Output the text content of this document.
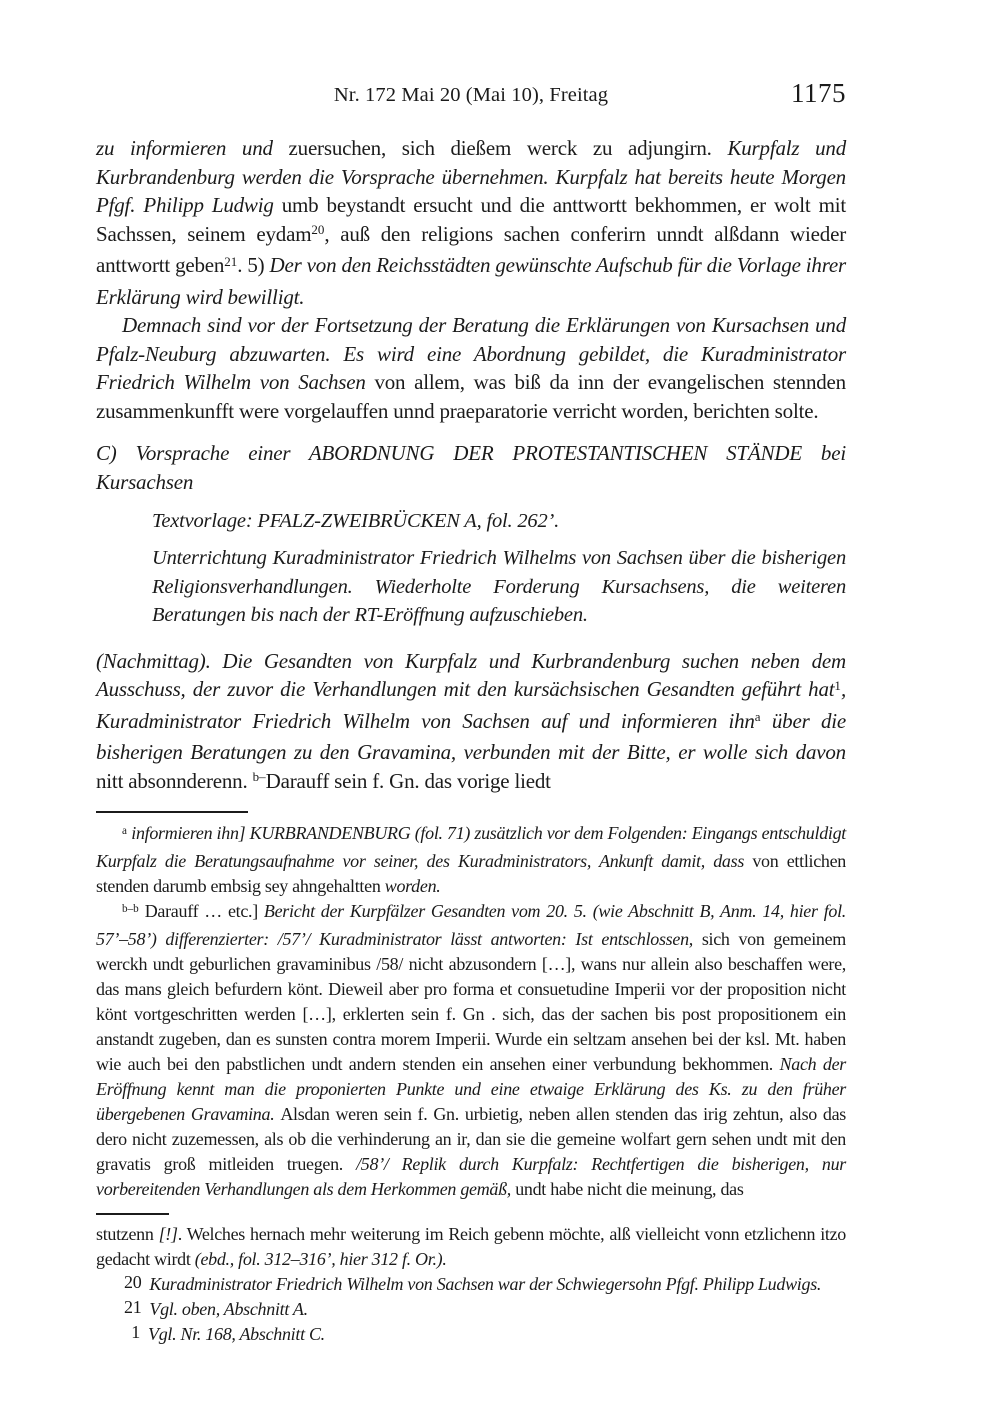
Nr. 172 Mai 20 (Mai 10), Freitag	1175

zu informieren und zuersuchen, sich dießem werck zu adjungirn. Kurpfalz und Kurbrandenburg werden die Vorsprache übernehmen. Kurpfalz hat bereits heute Morgen Pfgf. Philipp Ludwig umb beystandt ersucht und die anttwortt bekhommen, er wolt mit Sachssen, seinem eydam$^{20}$, auß den religions sachen conferirn unndt alßdann wieder anttwortt geben$^{21}$. 5) Der von den Reichsstädten gewünschte Aufschub für die Vorlage ihrer Erklärung wird bewilligt.

Demnach sind vor der Fortsetzung der Beratung die Erklärungen von Kursachsen und Pfalz-Neuburg abzuwarten. Es wird eine Abordnung gebildet, die Kuradministrator Friedrich Wilhelm von Sachsen von allem, was biß da inn der evangelischen stennden zusammenkunfft were vorgelauffen unnd praeparatorie verricht worden, berichten solte.

C) Vorsprache einer ABORDNUNG DER PROTESTANTISCHEN STÄNDE bei Kursachsen

Textvorlage: PFALZ-ZWEIBRÜCKEN A, fol. 262’.

Unterrichtung Kuradministrator Friedrich Wilhelms von Sachsen über die bisherigen Religionsverhandlungen. Wiederholte Forderung Kursachsens, die weiteren Beratungen bis nach der RT-Eröffnung aufzuschieben.

(Nachmittag). Die Gesandten von Kurpfalz und Kurbrandenburg suchen neben dem Ausschuss, der zuvor die Verhandlungen mit den kursächsischen Gesandten geführt hat$^1$, Kuradministrator Friedrich Wilhelm von Sachsen auf und informieren ihn$^a$ über die bisherigen Beratungen zu den Gravamina, verbunden mit der Bitte, er wolle sich davon nitt absonnderenn. $^{b-}$Darauff sein f. Gn. das vorige liedt

$^a$ informieren ihn] KURBRANDENBURG (fol. 71) zusätzlich vor dem Folgenden: Eingangs entschuldigt Kurpfalz die Beratungsaufnahme vor seiner, des Kuradministrators, Ankunft damit, dass von ettlichen stenden darumb embsig sey ahngehaltten worden.

$^{b-b}$ Darauff … etc.] Bericht der Kurpfälzer Gesandten vom 20. 5. (wie Abschnitt B, Anm. 14, hier fol. 57’–58’) differenzierter: /57’/ Kuradministrator lässt antworten: Ist entschlossen, sich von gemeinem werckh undt geburlichen gravaminibus /58/ nicht abzusondern […], wans nur allein also beschaffen were, das mans gleich befurdern könt. Dieweil aber pro forma et consuetudine Imperii vor der proposition nicht könt vortgeschritten werden […], erklerten sein f. Gn . sich, das der sachen bis post propositionem ein anstandt zugeben, dan es sunsten contra morem Imperii. Wurde ein seltzam ansehen bei der ksl. Mt. haben wie auch bei den pabstlichen undt andern stenden ein ansehen einer verbundung bekhommen. Nach der Eröffnung kennt man die proponierten Punkte und eine etwaige Erklärung des Ks. zu den früher übergebenen Gravamina. Alsdan weren sein f. Gn. urbietig, neben allen stenden das irig zehtun, also das dero nicht zuzemessen, als ob die verhinderung an ir, dan sie die gemeine wolfart gern sehen undt mit den gravatis groß mitleiden truegen. /58’/ Replik durch Kurpfalz: Rechtfertigen die bisherigen, nur vorbereitenden Verhandlungen als dem Herkommen gemäß, undt habe nicht die meinung, das

stutzenn [!]. Welches hernach mehr weiterung im Reich gebenn möchte, alß vielleicht vonn etzlichenn itzo gedacht wirdt (ebd., fol. 312–316’, hier 312 f. Or.).

20 Kuradministrator Friedrich Wilhelm von Sachsen war der Schwiegersohn Pfgf. Philipp Ludwigs.

21 Vgl. oben, Abschnitt A.

1 Vgl. Nr. 168, Abschnitt C.
